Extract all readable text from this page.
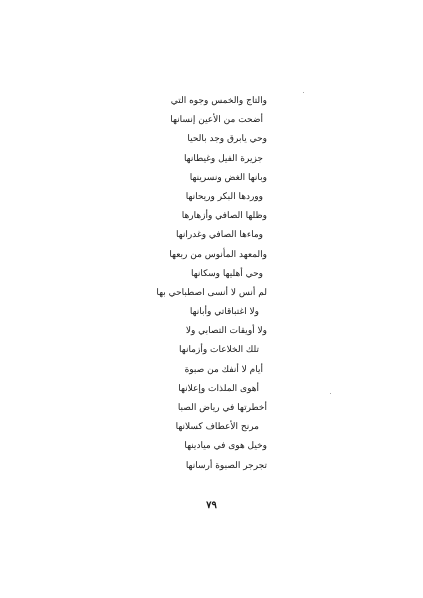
والتاج والخمس وجوه التي
أضحت من الأعين إنسانها
وحي يابرق وجد بالحيا
جزيرة الفيل وغيطانها
وبانها الغض ونسرينها
ووردها البكر وريحانها
وظلها الصافي وأزهارها
وماءها الصافي وغدرانها
والمعهد المأنوس من ربعها
وحي أهليها وسكانها
لم أنس لا أنسى اصطباحي بها
ولا اغتباقاتي وأبانها
ولا أويقات التصابي ولا
تلك الخلاعات وأزمانها
أيام لا أنفك من صبوة
أهوى الملذات وإعلانها
أخطرتها في رياض الصبا
مرنح الأعطاف كسلانها
وخيل هوى في ميادينها
تجرجر الصبوة أرسانها
٧٩
